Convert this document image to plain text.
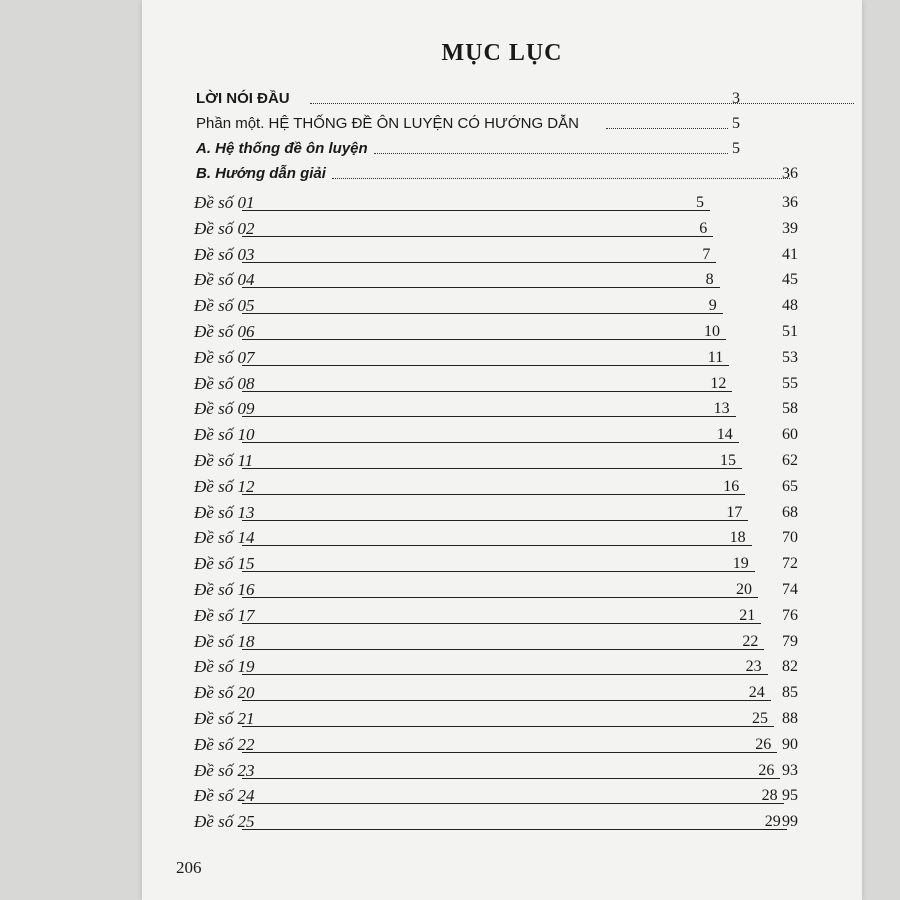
MỤC LỤC
LỜI NÓI ĐẦU	3
Phần một. HỆ THỐNG ĐỀ ÔN LUYỆN CÓ HƯỚNG DẪN	5
A. Hệ thống đề ôn luyện	5
B. Hướng dẫn giải	36
Đề số 01	5	36
Đề số 02	6	39
Đề số 03	7	41
Đề số 04	8	45
Đề số 05	9	48
Đề số 06	10	51
Đề số 07	11	53
Đề số 08	12	55
Đề số 09	13	58
Đề số 10	14	60
Đề số 11	15	62
Đề số 12	16	65
Đề số 13	17	68
Đề số 14	18	70
Đề số 15	19	72
Đề số 16	20	74
Đề số 17	21	76
Đề số 18	22	79
Đề số 19	23	82
Đề số 20	24	85
Đề số 21	25 88
Đề số 22	26 90
Đề số 23	26 93
Đề số 24	28 95
Đề số 25	29 99
206
